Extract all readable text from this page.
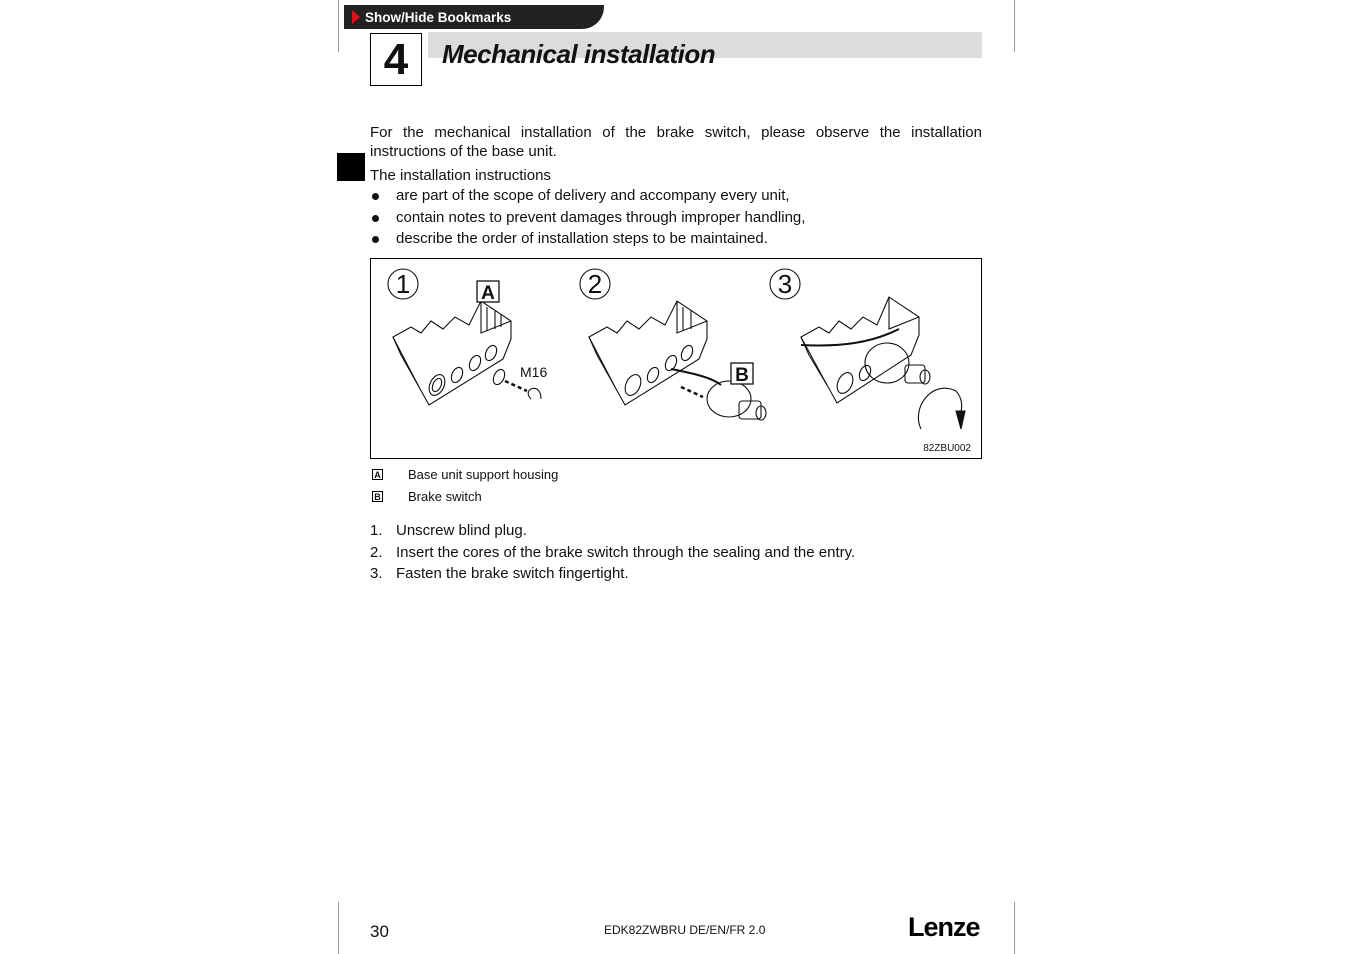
Show/Hide Bookmarks
4	Mechanical installation
For the mechanical installation of the brake switch, please observe the installation instructions of the base unit.
The installation instructions
are part of the scope of delivery and accompany every unit,
contain notes to prevent damages through improper handling,
describe the order of installation steps to be maintained.
1	2	3
A
B
M16
82ZBU002
A Base unit support housing
B Brake switch
1. Unscrew blind plug.
2. Insert the cores of the brake switch through the sealing and the entry.
3. Fasten the brake switch fingertight.
30	EDK82ZWBRU DE/EN/FR 2.0	Lenze
